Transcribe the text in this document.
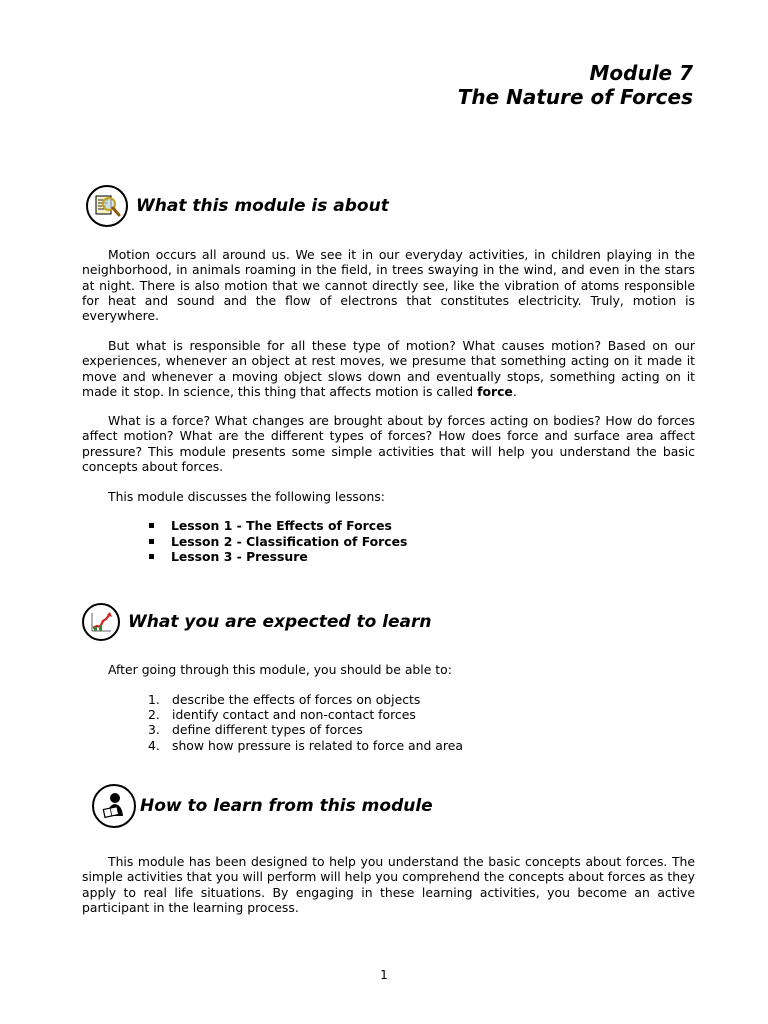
Module 7
The Nature of Forces
What this module is about

Motion occurs all around us. We see it in our everyday activities, in children playing in the neighborhood, in animals roaming in the field, in trees swaying in the wind, and even in the stars at night. There is also motion that we cannot directly see, like the vibration of atoms responsible for heat and sound and the flow of electrons that constitutes electricity. Truly, motion is everywhere.

But what is responsible for all these type of motion? What causes motion? Based on our experiences, whenever an object at rest moves, we presume that something acting on it made it move and whenever a moving object slows down and eventually stops, something acting on it made it stop. In science, this thing that affects motion is called force.

What is a force? What changes are brought about by forces acting on bodies? How do forces affect motion? What are the different types of forces? How does force and surface area affect pressure? This module presents some simple activities that will help you understand the basic concepts about forces.

This module discusses the following lessons:
Lesson 1 - The Effects of Forces
Lesson 2 - Classification of Forces
Lesson 3 - Pressure
What you are expected to learn
After going through this module, you should be able to:
1. describe the effects of forces on objects
2. identify contact and non-contact forces
3. define different types of forces
4. show how pressure is related to force and area
How to learn from this module

This module has been designed to help you understand the basic concepts about forces. The simple activities that you will perform will help you comprehend the concepts about forces as they apply to real life situations. By engaging in these learning activities, you become an active participant in the learning process.

1
